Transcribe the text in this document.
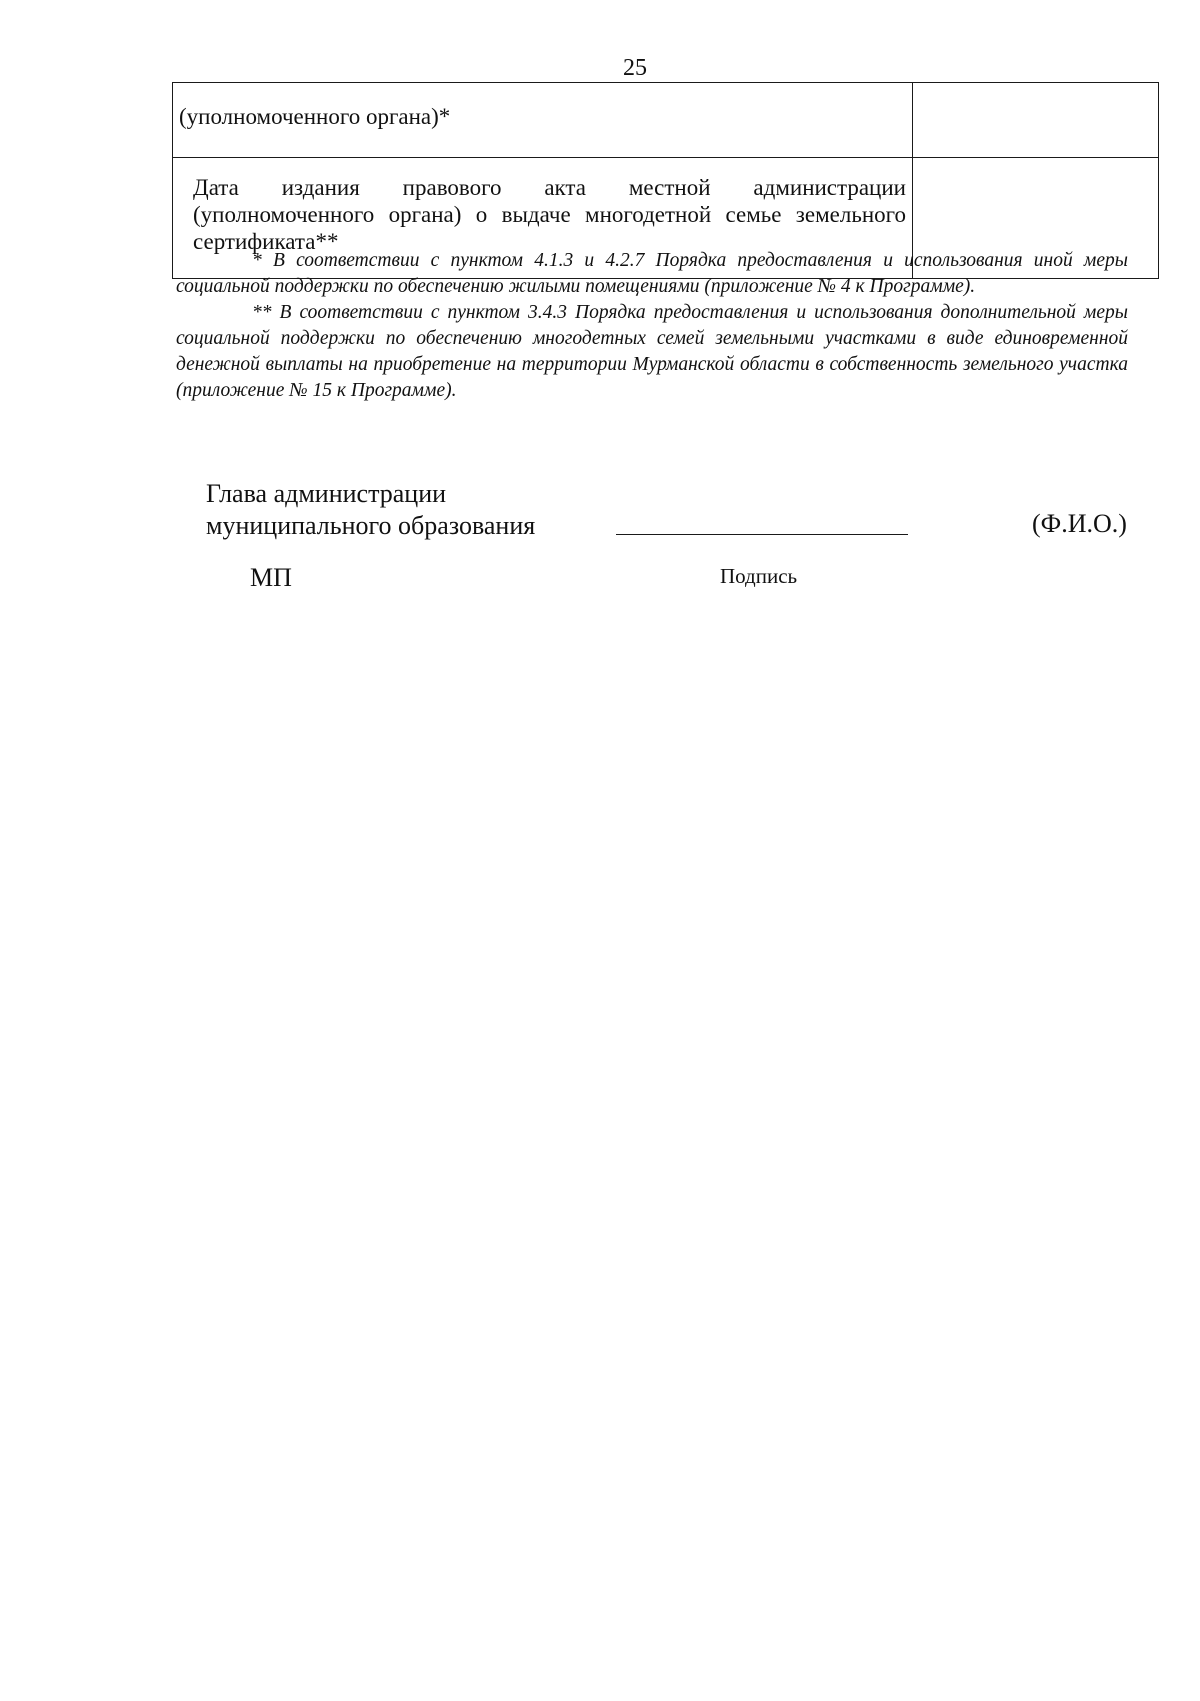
25
(уполномоченного органа)*	
Дата издания правового акта местной администрации (уполномоченного органа) о выдаче многодетной семье земельного сертификата**	

* В соответствии с пунктом 4.1.3 и 4.2.7 Порядка предоставления и использования иной меры социальной поддержки по обеспечению жилыми помещениями (приложение № 4 к Программе).

** В соответствии с пунктом 3.4.3 Порядка предоставления и использования дополнительной меры социальной поддержки по обеспечению многодетных семей земельными участками в виде единовременной денежной выплаты на приобретение на территории Мурманской области в собственность земельного участка (приложение № 15 к Программе).

Глава администрации
муниципального образования	(Ф.И.О.)
МП	Подпись
